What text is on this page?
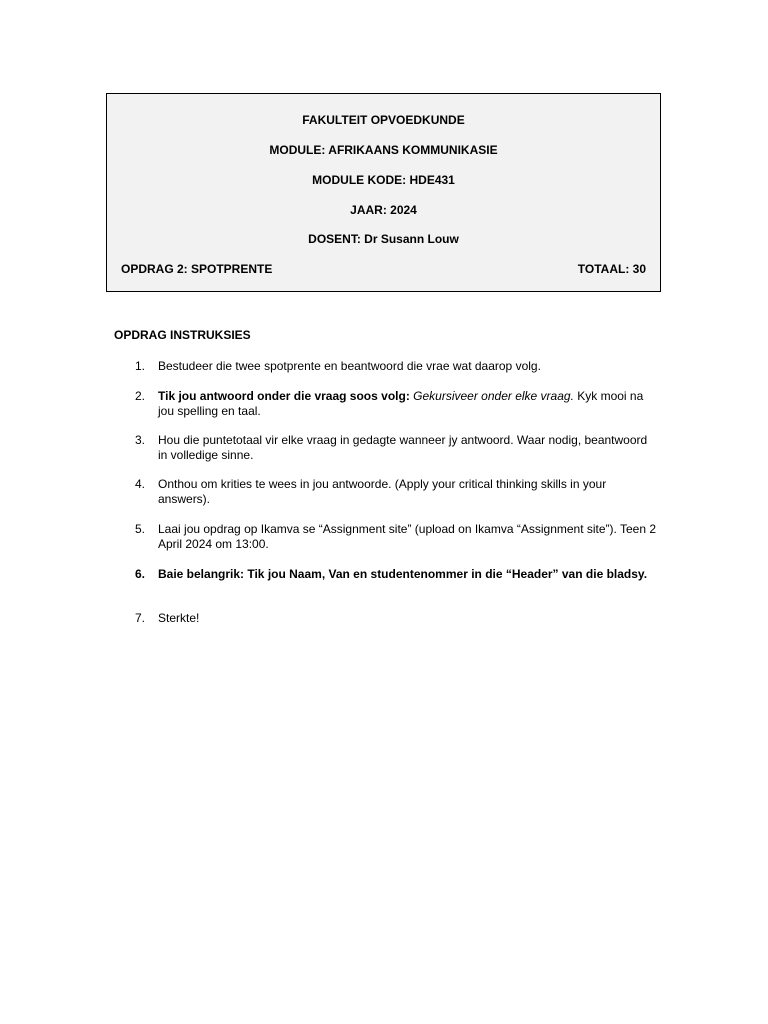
FAKULTEIT OPVOEDKUNDE
MODULE: AFRIKAANS KOMMUNIKASIE
MODULE KODE: HDE431
JAAR: 2024
DOSENT: Dr Susann Louw
OPDRAG 2: SPOTPRENTE	TOTAAL: 30
OPDRAG INSTRUKSIES
1. Bestudeer die twee spotprente en beantwoord die vrae wat daarop volg.
2. Tik jou antwoord onder die vraag soos volg: Gekursiveer onder elke vraag. Kyk mooi na jou spelling en taal.
3. Hou die puntetotaal vir elke vraag in gedagte wanneer jy antwoord. Waar nodig, beantwoord in volledige sinne.
4. Onthou om krities te wees in jou antwoorde. (Apply your critical thinking skills in your answers).
5. Laai jou opdrag op Ikamva se “Assignment site” (upload on Ikamva “Assignment site”). Teen 2 April 2024 om 13:00.
6. Baie belangrik: Tik jou Naam, Van en studentenommer in die “Header” van die bladsy.
7. Sterkte!
